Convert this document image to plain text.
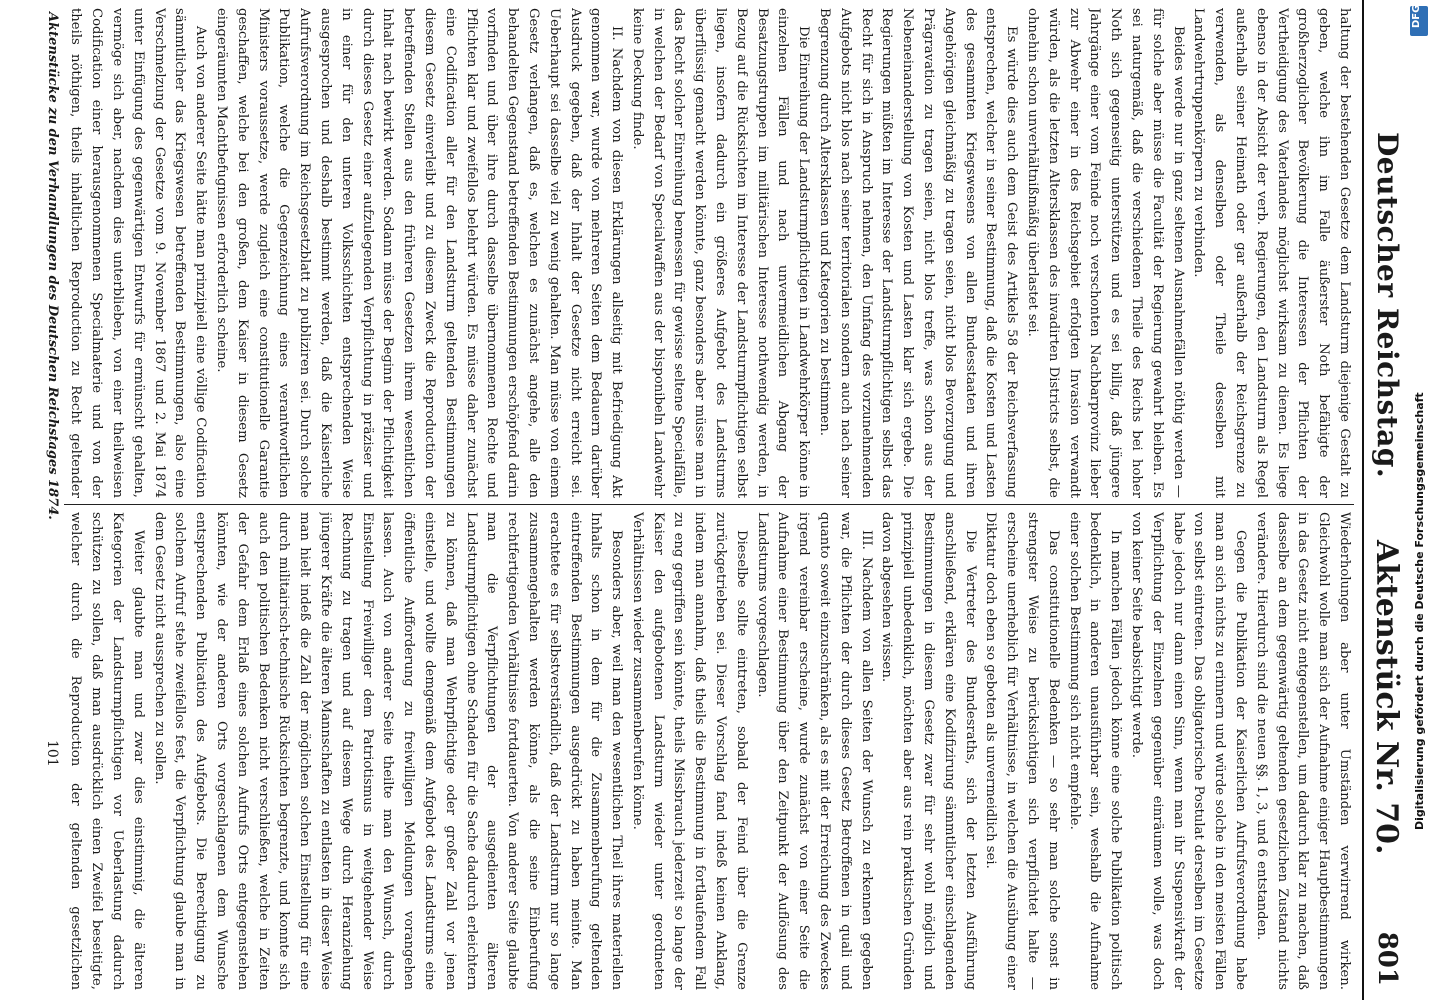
Deutscher Reichstag.
Aktenstück Nr. 70.
801

haltung der bestehenden Gesetze dem Landsturm diejenige Gestalt zu geben, welche ihn im Falle äußerster Noth befähigte der großherzoglicher Bevölkerung die Interessen der Pflichten der Vertheidigung des Vaterlandes möglichst wirksam zu dienen. Es liege ebenso in der Absicht der verb. Regierungen, den Landsturm als Regel außerhalb seiner Heimath oder gar außerhalb der Reichsgrenze zu verwenden, als denselben oder Theile desselben mit Landwehrtruppenkörpern zu verbinden.

Beides werde nur in ganz seltenen Ausnahmefällen nöthig werden — für solche aber müsse die Facultät der Regierung gewahrt bleiben. Es sei naturgemäß, daß die verschiedenen Theile des Reichs bei hoher Noth sich gegenseitig unterstützen und es sei billig, daß jüngere Jahrgänge einer vom Feinde noch verschonten Nachbarprovinz lieber zur Abwehr einer in des Reichsgebiet erfolgten Invasion verwandt würden, als die letzten Altersklassen des invadirten Districts selbst, die ohnehin schon unverhältnißmäßig überlastet sei.

Es würde dies auch dem Geist des Artikels 58 der Reichsverfassung entsprechen, welcher in seiner Bestimmung, daß die Kosten und Lasten des gesammten Kriegswesens von allen Bundesstaaten und ihren Angehörigen gleichmäßig zu tragen seien, nicht blos Bevorzugung und Prägravation zu tragen seien, nicht blos treffe, was schon aus der Nebeneinanderstellung von Kosten und Lasten klar sich ergebe. Die Regierungen müßten im Interesse der Landsturmpflichtigen selbst das Recht für sich in Anspruch nehmen, den Umfang des vorzunehmenden Aufgebots nicht blos nach seiner territorialen sondern auch nach seiner Begrenzung durch Altersklassen und Kategorien zu bestimmen.

Die Einreihung der Landsturmpflichtigen in Landwehrkörper könne in einzelnen Fällen und nach unvermeidlichen Abgang der Besatzungstruppen im militärischen Interesse nothwendig werden, in Bezug auf die Rücksichten im Interesse der Landsturmpflichtigen selbst liegen, insofern dadurch ein größeres Aufgebot des Landsturms überflüssig gemacht werden könnte, ganz besonders aber müsse man in das Recht solcher Einreihung bemessen für gewisse seltene Specialfälle, in welchen der Bedarf von Specialwaffen aus der bisponibeln Landwehr keine Deckung finde.

II. Nachdem von diesen Erklärungen allseitig mit Befriedigung Akt genommen war, wurde von mehreren Seiten dem Bedauern darüber Ausdruck gegeben, daß der Inhalt der Gesetze nicht erreicht sei. Ueberhaupt sei dasselbe viel zu wenig gehalten. Man müsse von einem Gesetz verlangen, daß es, welchen es zunächst angehe, alle den behandelten Gegenstand betreffenden Bestimmungen erschöpfend darin vorfinden und über ihre durch dasselbe übernommenen Rechte und Pflichten klar und zweifellos belehrt würden. Es müsse daher zunächst eine Codification aller für den Landsturm geltenden Bestimmungen diesem Gesetz einverleibt und zu diesem Zweck die Reproduction der betreffenden Stellen aus den früheren Gesetzen ihrem wesentlichen Inhalt nach bewirkt werden. Sodann müsse der Beginn der Pflichtigkeit durch dieses Gesetz einer aufzulegenden Verpflichtung in präziser und in einer für den unteren Volksschichten entsprechenden Weise ausgesprochen und deshalb bestimmt werden, daß die Kaiserliche Aufrufsverordnung im Reichsgesetzblatt zu publiziren sei. Durch solche Publikation, welche die Gegenzeichnung eines verantwortlichen Ministers voraussetze, werde zugleich eine constitutionelle Garantie geschaffen, welche bei den großen, dem Kaiser in diesem Gesetz eingeräumten Machtbefugnissen erforderlich scheine.

Auch von anderer Seite hätte man prinzipiell eine völlige Codification sämmtlicher das Kriegswesen betreffenden Bestimmungen, also eine Verschmelzung der Gesetze vom 9. November 1867 und 2. Mai 1874 unter Einfügung des gegenwärtigen Entwurfs für ermünscht gehalten, vermöge sich aber, nachdem dies unterblieben, von einer theilweisen Codification einer herausgenommenen Specialmaterie und von der theils nöthigen, theils inhaltlichen Reproduction zu Recht geltender

Wiederholungen aber unter Umständen verwirrend wirken. Gleichwohl wolle man sich der Aufnahme einiger Hauptbestimmungen in das Gesetz nicht entgegenstellen, um dadurch klar zu machen, daß dasselbe an dem gegenwärtig geltenden gesetzlichen Zustand nichts verändere. Hierdurch sind die neuen §§. 1, 3, und 6 entstanden.

Gegen die Publikation der Kaiserlichen Aufrufsverordnung habe man an sich nichts zu erinnern und würde solche in den meisten Fällen von selbst eintreten. Das obligatorische Postulat derselben im Gesetze habe jedoch nur dann einen Sinn, wenn man ihr Suspensivkraft der Verpflichtung der Einzelnen gegenüber einräumen wolle, was doch von keiner Seite beabsichtigt werde.

In manchen Fällen jedoch könne eine solche Publikation politisch bedenklich, in anderen unausführbar sein, weshalb die Aufnahme einer solchen Bestimmung sich nicht empfehle.

Das constitutionelle Bedenken — so sehr man solche sonst in strengster Weise zu berücksichtigen sich verpflichtet halte — erscheine unerheblich für Verhältnisse, in welchen die Ausübung einer Diktatur doch eben so geboten als unvermeidlich sei.

Die Vertreter des Bundesraths, sich der letzten Ausführung anschließend, erklären eine Kodifizirung sämmtlicher einschlagenden Bestimmungen in diesem Gesetz zwar für sehr wohl möglich und prinzipiell unbedenklich, möchten aber aus rein praktischen Gründen davon abgesehen wissen.

III. Nachdem von allen Seiten der Wunsch zu erkennen gegeben war, die Pflichten der durch dieses Gesetz Betroffenen in quali und quanto soweit einzuschränken, als es mit der Erreichung des Zweckes irgend vereinbar erscheine, wurde zunächst von einer Seite die Aufnahme einer Bestimmung über den Zeitpunkt der Auflösung des Landsturms vorgeschlagen.

Dieselbe sollte eintreten, sobald der Feind über die Grenze zurückgetrieben sei. Dieser Vorschlag fand indeß keinen Anklang, indem man annahm, daß theils die Bestimmung in fortlaufendem Fall zu eng gegriffen sein könnte, theils Missbrauch jederzeit so lange der Kaiser den aufgebotenen Landsturm wieder unter geordneten Verhältnissen wieder zusammenberufen könne.

Besonders aber, weil man den wesentlichen Theil ihres materiellen Inhalts schon in dem für die Zusammenberufung geltenden eintreffenden Bestimmungen ausgedrückt zu haben meinte. Man erachtete es für selbstverständlich, daß der Landsturm nur so lange zusammengehalten werden könne, als die seine Einberufung rechtfertigenden Verhältnisse fortdauerten. Von anderer Seite glaubte man die Verpflichtungen der ausgedienten älteren Landsturmpflichtigen ohne Schaden für die Sache dadurch erleichtern zu können, daß man Wehrpflichtige oder großer Zahl vor jenen einstelle, und wollte demgemäß dem Aufgebot des Landsturms eine öffentliche Aufforderung zu freiwilligen Meldungen vorangehen lassen. Auch von anderer Seite theilte man den Wunsch, durch Einstellung Freiwilliger dem Patriotismus in weitgehender Weise Rechnung zu tragen und auf diesem Wege durch Heranziehung jüngerer Kräfte die älteren Mannschaften zu entlasten in dieser Weise man hielt indeß die Zahl der möglichen solchen Einstellung für eine durch militairisch-technische Rücksichten begrenzte, und konnte sich auch den politischen Bedenken nicht verschließen, welche in Zeiten der Gefahr dem Erlaß eines solchen Aufrufs Orts entgegenstehen könnten, wie der anderen Orts vorgeschlagenen dem Wunsche entsprechenden Publication des Aufgebots. Die Berechtigung zu solchem Aufruf stehe zweifellos fest, die Verpflichtung glaube man in dem Gesetz nicht aussprechen zu sollen.

Weiter glaubte man und zwar dies einstimmig, die älteren Kategorien der Landsturmpflichtigen vor Ueberlastung dadurch schützen zu sollen, daß man ausdrücklich einen Zweifel beseitigte, welcher durch die Reproduction der geltenden gesetzlichen

Aktenstücke zu den Verhandlungen des Deutschen Reichstages 1874.
101
DFG
Digitalisierung gefördert durch die Deutsche Forschungsgemeinschaft
